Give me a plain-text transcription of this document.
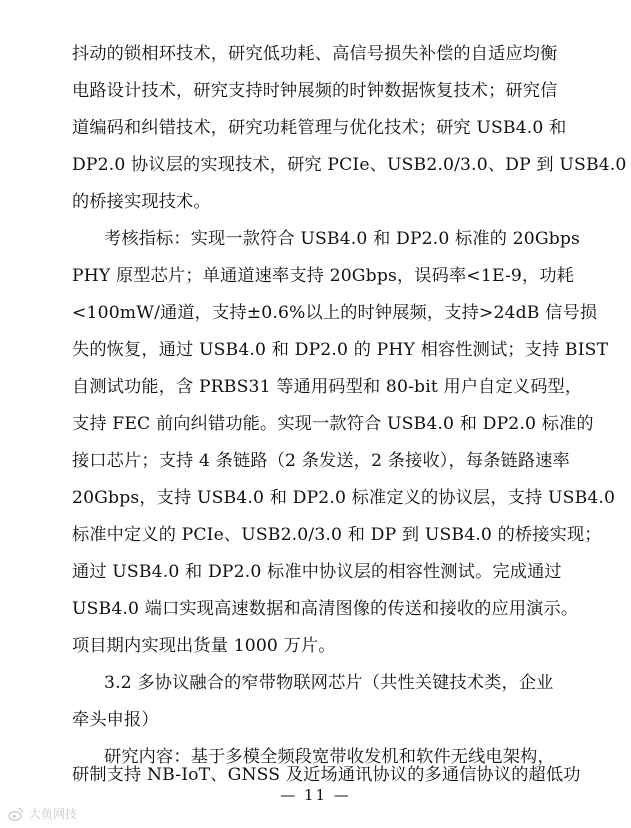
抖动的锁相环技术，研究低功耗、高信号损失补偿的自适应均衡
电路设计技术，研究支持时钟展频的时钟数据恢复技术；研究信
道编码和纠错技术，研究功耗管理与优化技术；研究 USB4.0 和
DP2.0 协议层的实现技术，研究 PCIe、USB2.0/3.0、DP 到 USB4.0
的桥接实现技术。
考核指标：实现一款符合 USB4.0 和 DP2.0 标准的 20Gbps
PHY 原型芯片；单通道速率支持 20Gbps，误码率<1E-9，功耗
<100mW/通道，支持±0.6%以上的时钟展频，支持>24dB 信号损
失的恢复，通过 USB4.0 和 DP2.0 的 PHY 相容性测试；支持 BIST
自测试功能，含 PRBS31 等通用码型和 80-bit 用户自定义码型，
支持 FEC 前向纠错功能。实现一款符合 USB4.0 和 DP2.0 标准的
接口芯片；支持 4 条链路（2 条发送，2 条接收），每条链路速率
20Gbps，支持 USB4.0 和 DP2.0 标准定义的协议层，支持 USB4.0
标准中定义的 PCIe、USB2.0/3.0 和 DP 到 USB4.0 的桥接实现；
通过 USB4.0 和 DP2.0 标准中协议层的相容性测试。完成通过
USB4.0 端口实现高速数据和高清图像的传送和接收的应用演示。
项目期内实现出货量 1000 万片。
3.2 多协议融合的窄带物联网芯片（共性关键技术类，企业
牵头申报）
研究内容：基于多模全频段宽带收发机和软件无线电架构，
研制支持 NB-IoT、GNSS 及近场通讯协议的多通信协议的超低功
— 11 —
大鱼网技
